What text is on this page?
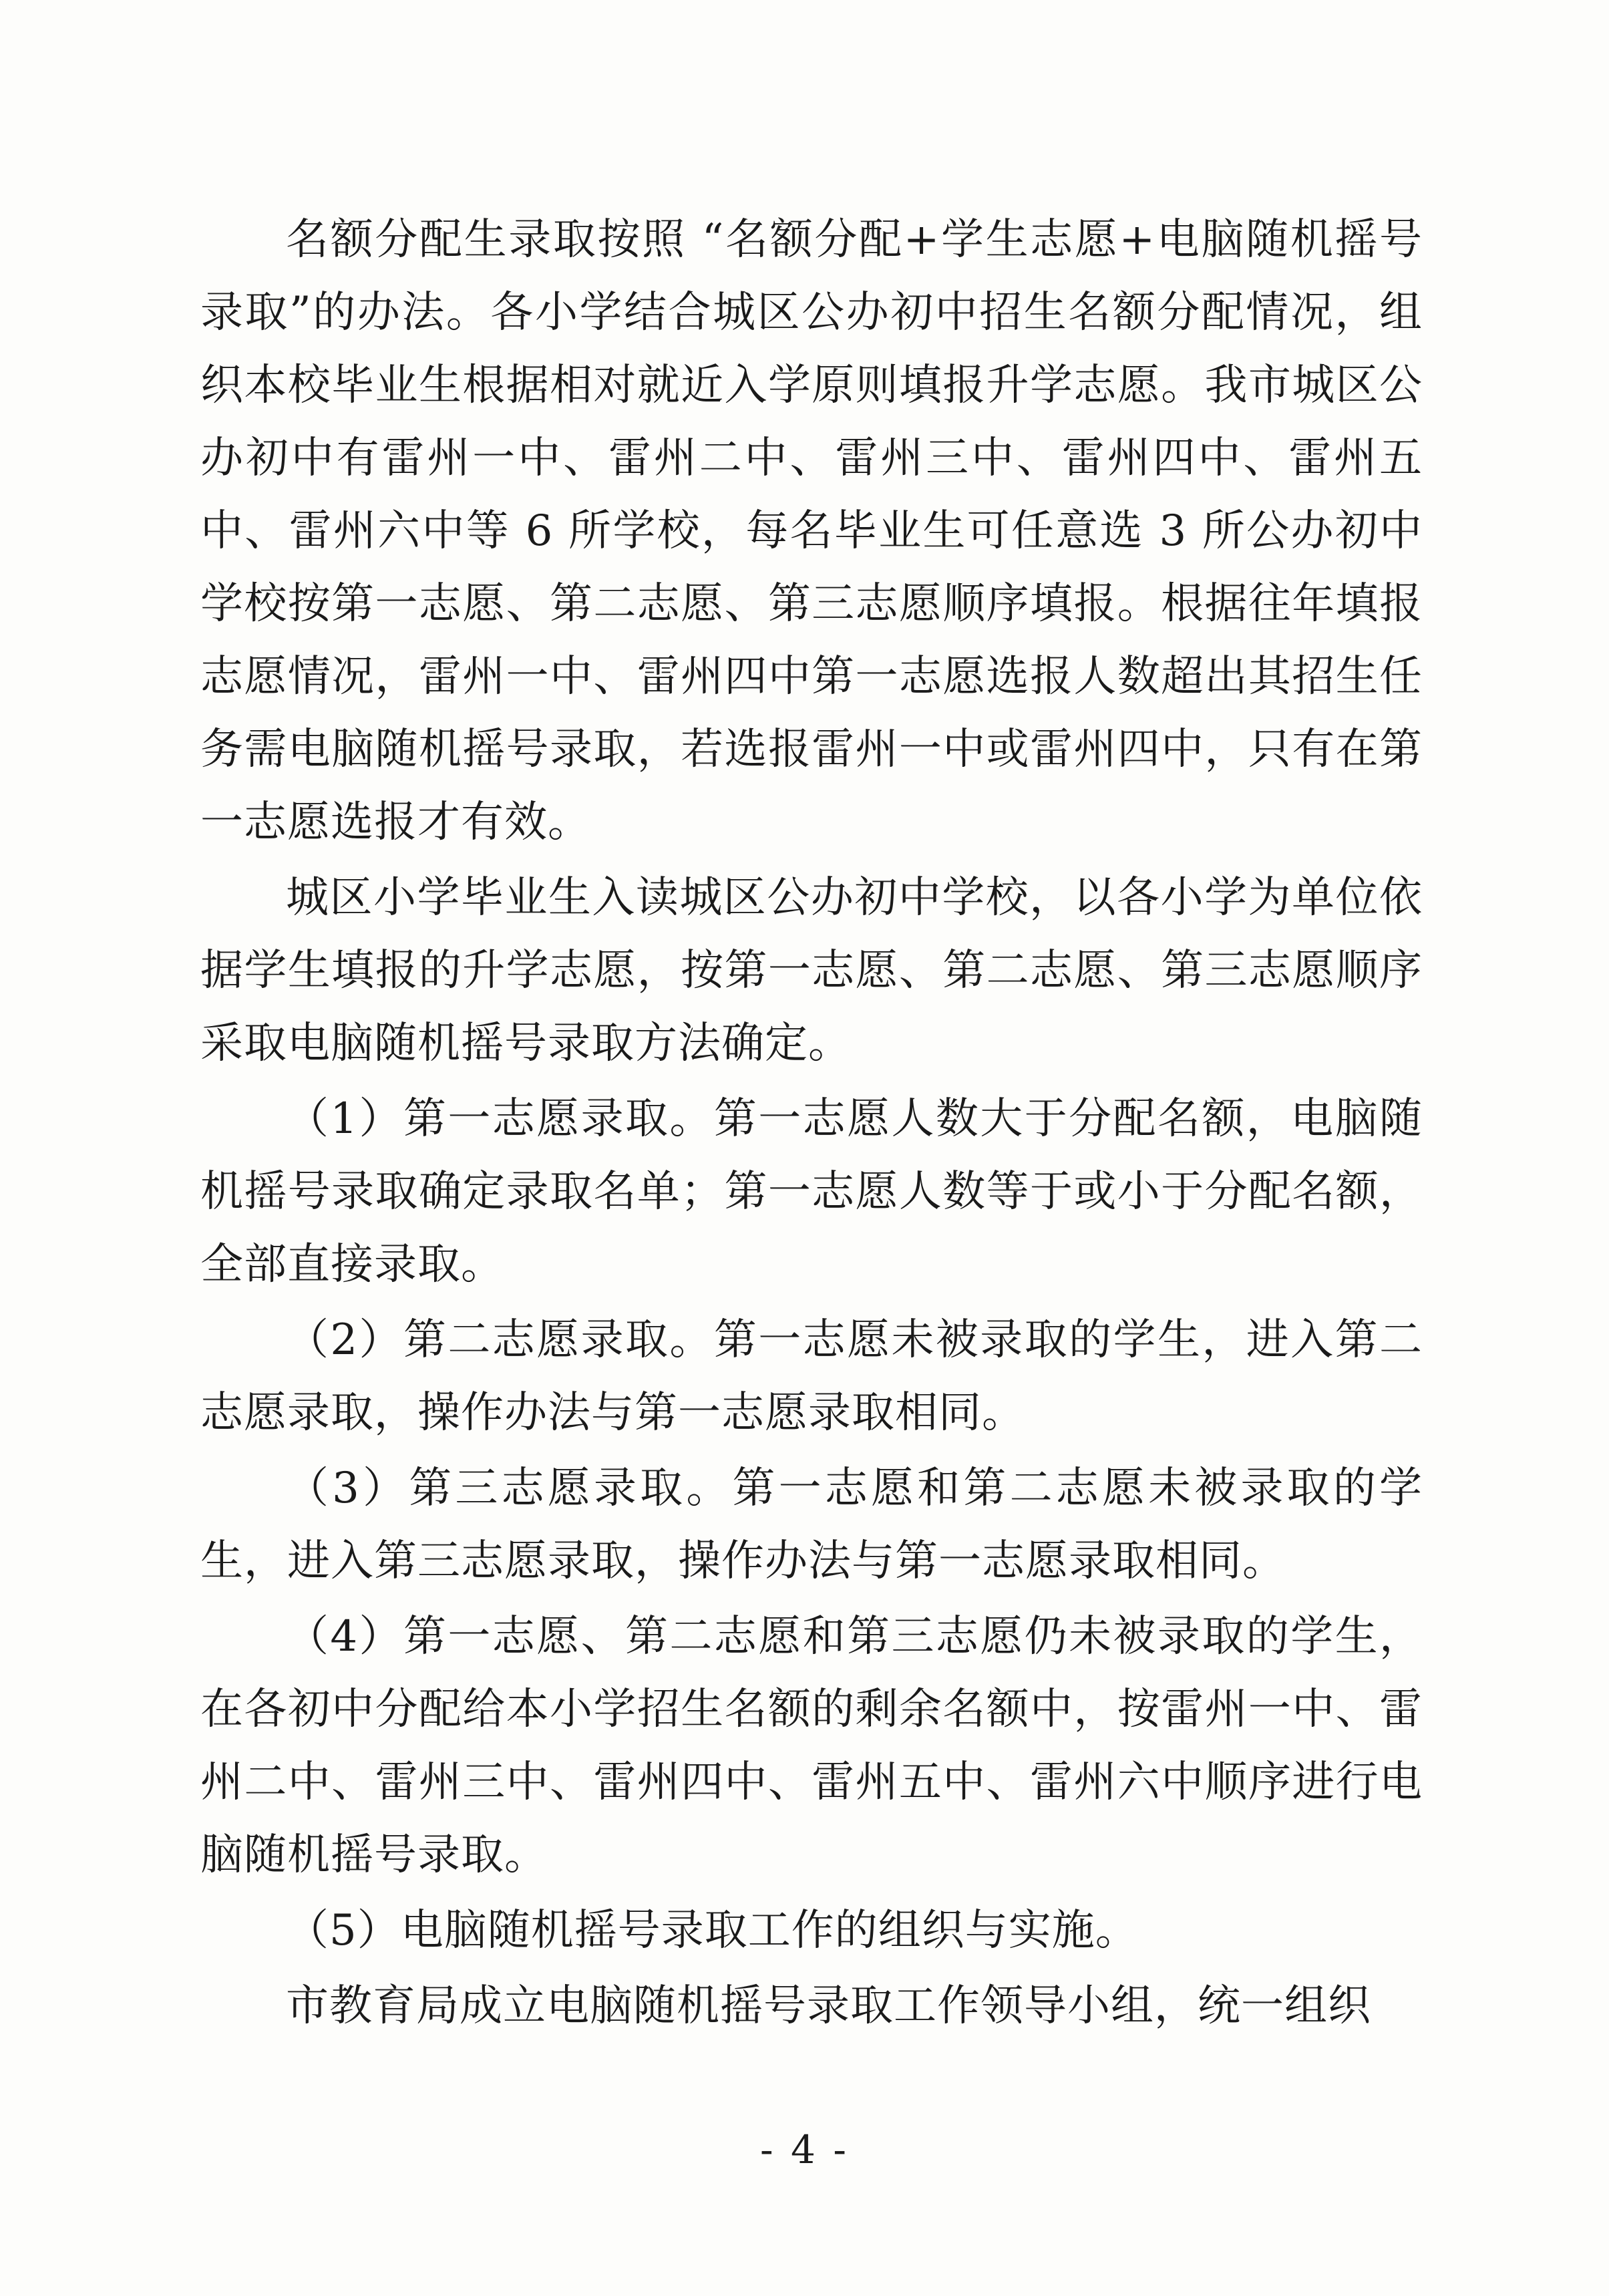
名额分配生录取按照 “名额分配+学生志愿+电脑随机摇号录取”的办法。各小学结合城区公办初中招生名额分配情况，组织本校毕业生根据相对就近入学原则填报升学志愿。我市城区公办初中有雷州一中、雷州二中、雷州三中、雷州四中、雷州五中、雷州六中等 6 所学校，每名毕业生可任意选 3 所公办初中学校按第一志愿、第二志愿、第三志愿顺序填报。根据往年填报志愿情况，雷州一中、雷州四中第一志愿选报人数超出其招生任务需电脑随机摇号录取，若选报雷州一中或雷州四中，只有在第一志愿选报才有效。

城区小学毕业生入读城区公办初中学校，以各小学为单位依据学生填报的升学志愿，按第一志愿、第二志愿、第三志愿顺序采取电脑随机摇号录取方法确定。

（1）第一志愿录取。第一志愿人数大于分配名额，电脑随机摇号录取确定录取名单；第一志愿人数等于或小于分配名额，全部直接录取。

（2）第二志愿录取。第一志愿未被录取的学生，进入第二志愿录取，操作办法与第一志愿录取相同。

（3）第三志愿录取。第一志愿和第二志愿未被录取的学生，进入第三志愿录取，操作办法与第一志愿录取相同。

（4）第一志愿、第二志愿和第三志愿仍未被录取的学生，在各初中分配给本小学招生名额的剩余名额中，按雷州一中、雷州二中、雷州三中、雷州四中、雷州五中、雷州六中顺序进行电脑随机摇号录取。

（5）电脑随机摇号录取工作的组织与实施。

市教育局成立电脑随机摇号录取工作领导小组，统一组织

- 4 -
